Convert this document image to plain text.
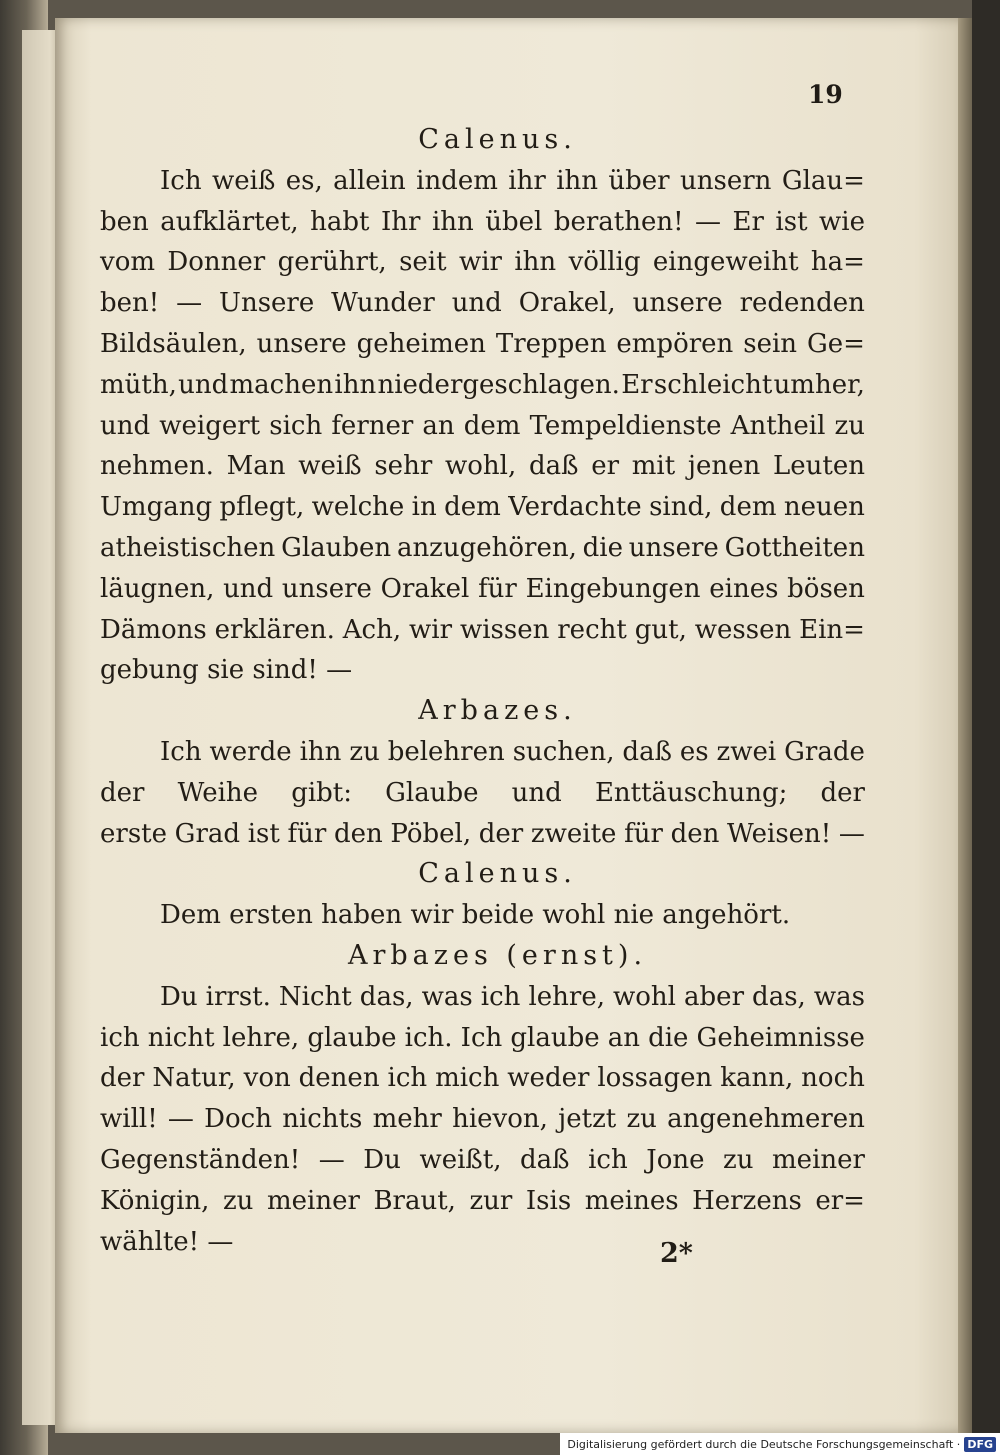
19
Calenus.
Ich weiß es, allein indem ihr ihn über unsern Glau=
ben aufklärtet, habt Ihr ihn übel berathen! — Er ist wie
vom Donner gerührt, seit wir ihn völlig eingeweiht ha=
ben! — Unsere Wunder und Orakel, unsere redenden
Bildsäulen, unsere geheimen Treppen empören sein Ge=
müth, und machen ihn niedergeschlagen. Er schleicht umher,
und weigert sich ferner an dem Tempeldienste Antheil zu
nehmen. Man weiß sehr wohl, daß er mit jenen Leuten
Umgang pflegt, welche in dem Verdachte sind, dem neuen
atheistischen Glauben anzugehören, die unsere Gottheiten
läugnen, und unsere Orakel für Eingebungen eines bösen
Dämons erklären. Ach, wir wissen recht gut, wessen Ein=
gebung sie sind! —
Arbazes.
Ich werde ihn zu belehren suchen, daß es zwei Grade
der Weihe gibt: Glaube und Enttäuschung; der
erste Grad ist für den Pöbel, der zweite für den Weisen! —
Calenus.
Dem ersten haben wir beide wohl nie angehört.
Arbazes (ernst).
Du irrst. Nicht das, was ich lehre, wohl aber das, was
ich nicht lehre, glaube ich. Ich glaube an die Geheimnisse
der Natur, von denen ich mich weder lossagen kann, noch
will! — Doch nichts mehr hievon, jetzt zu angenehmeren
Gegenständen! — Du weißt, daß ich Jone zu meiner
Königin, zu meiner Braut, zur Isis meines Herzens er=
wählte! —	2*
Digitalisierung gefördert durch die Deutsche Forschungsgemeinschaft · DFG
